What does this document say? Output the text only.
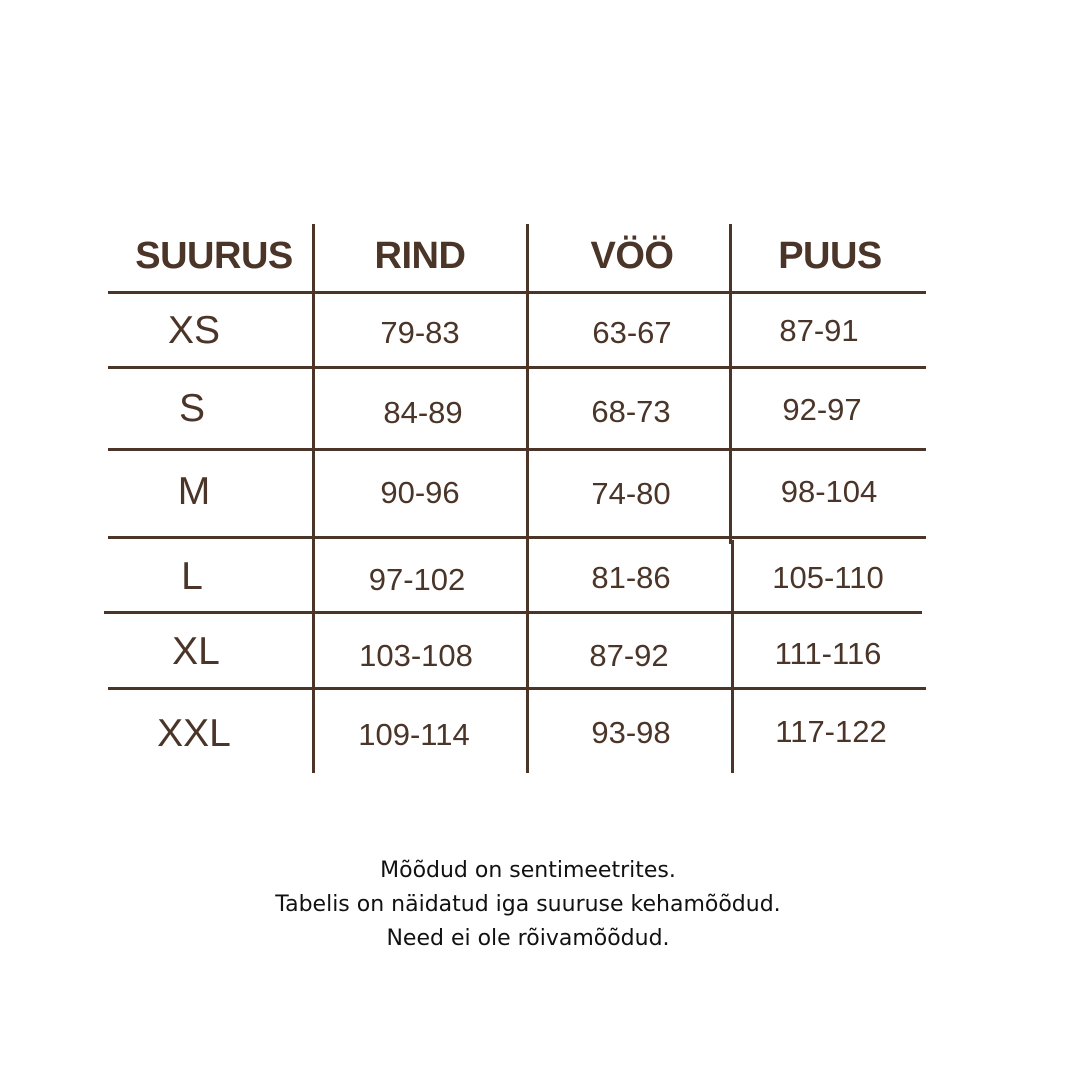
SUURUS	RIND	VÖÖ	PUUS
XS	79-83	63-67	87-91
S	84-89	68-73	92-97
M	90-96	74-80	98-104
L	97-102	81-86	105-110
XL	103-108	87-92	111-116
XXL	109-114	93-98	117-122
Mõõdud on sentimeetrites.
Tabelis on näidatud iga suuruse kehamõõdud.
Need ei ole rõivamõõdud.
